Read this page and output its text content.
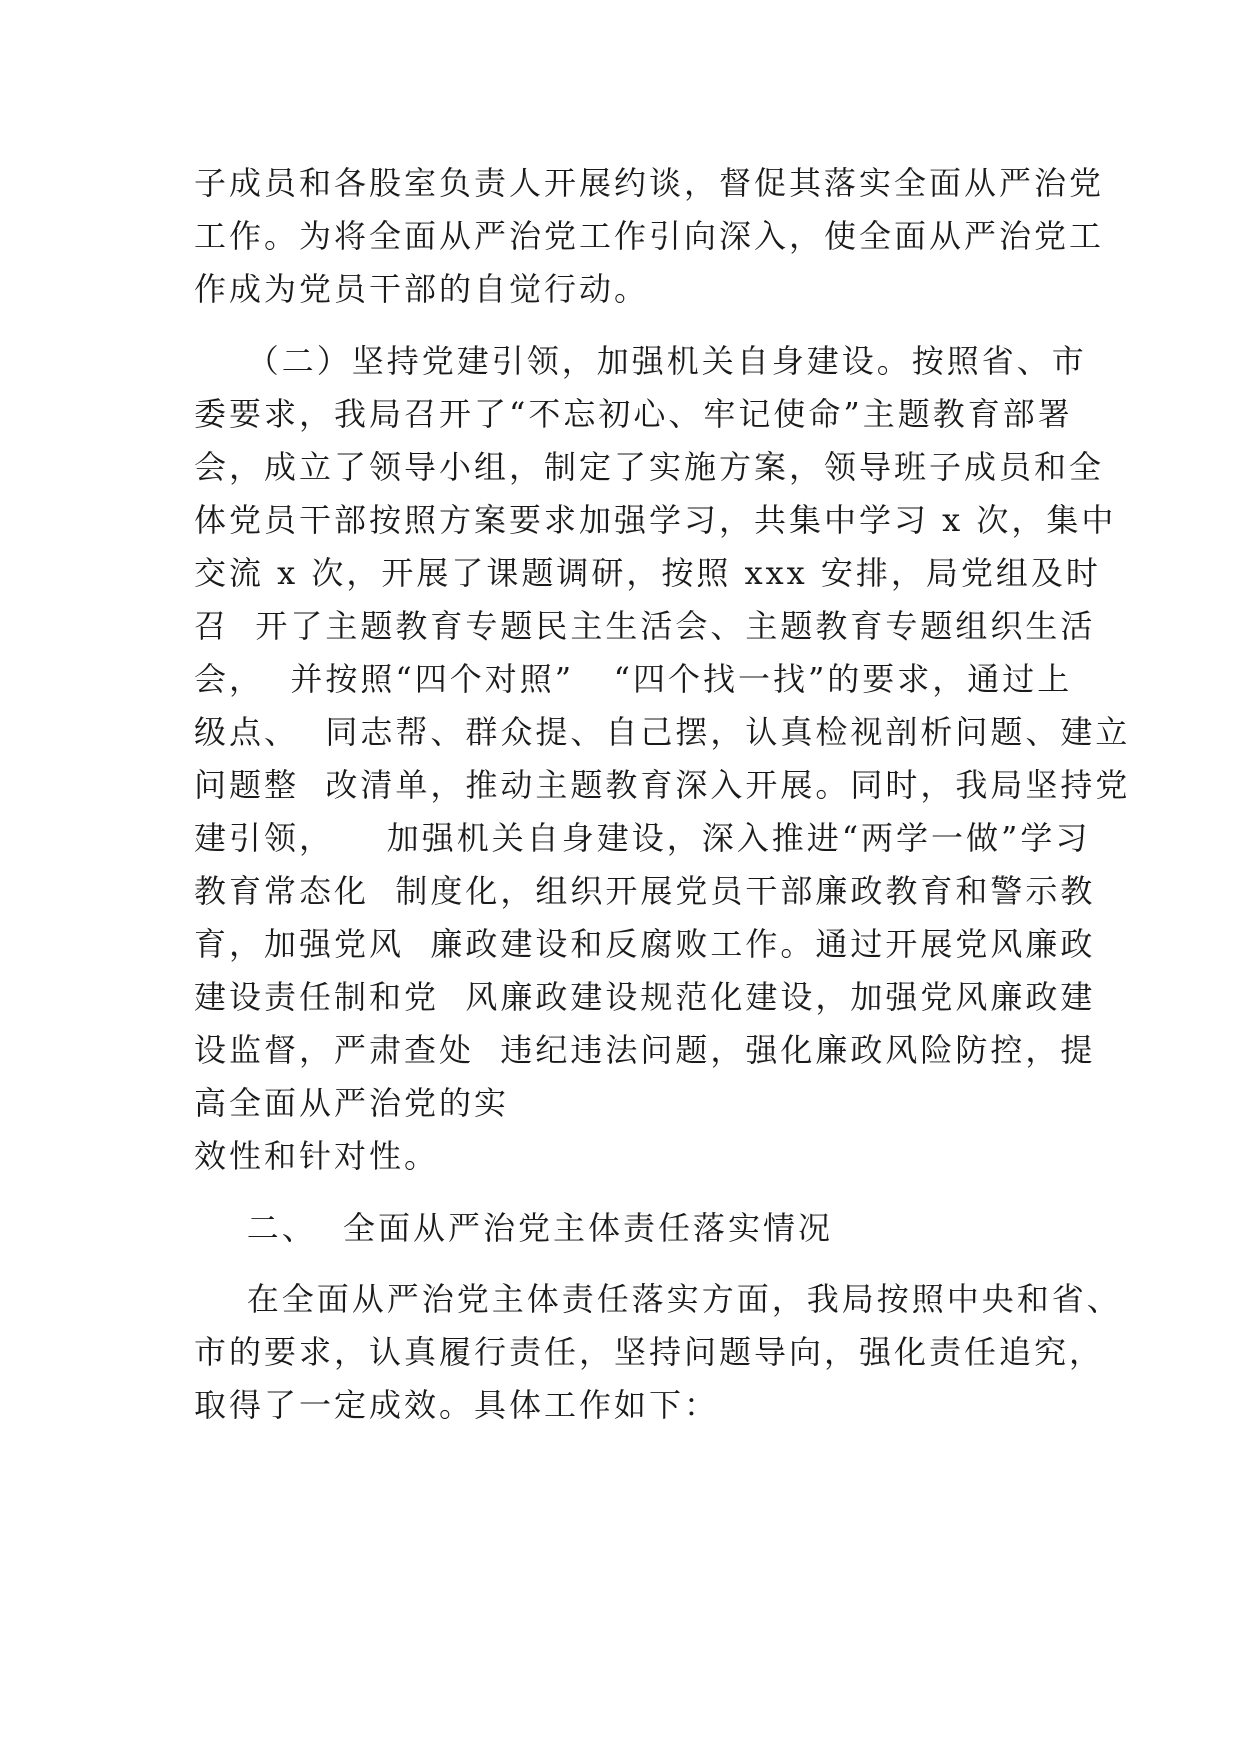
子成员和各股室负责人开展约谈，督促其落实全面从严治党
工作。为将全面从严治党工作引向深入，使全面从严治党工
作成为党员干部的自觉行动。
（二）坚持党建引领，加强机关自身建设。按照省、市
委要求，我局召开了“不忘初心、牢记使命”主题教育部署
会，成立了领导小组，制定了实施方案，领导班子成员和全
体党员干部按照方案要求加强学习，共集中学习 x 次，集中
交流 x 次，开展了课题调研，按照 xxx 安排，局党组及时
召  开了主题教育专题民主生活会、主题教育专题组织生活
会，  并按照“四个对照”   “四个找一找”的要求，通过上
级点、  同志帮、群众提、自己摆，认真检视剖析问题、建立
问题整  改清单，推动主题教育深入开展。同时，我局坚持党
建引领，    加强机关自身建设，深入推进“两学一做”学习
教育常态化  制度化，组织开展党员干部廉政教育和警示教
育，加强党风  廉政建设和反腐败工作。通过开展党风廉政
建设责任制和党  风廉政建设规范化建设，加强党风廉政建
设监督，严肃查处  违纪违法问题，强化廉政风险防控，提
高全面从严治党的实
效性和针对性。
二、  全面从严治党主体责任落实情况
在全面从严治党主体责任落实方面，我局按照中央和省、
市的要求，认真履行责任，坚持问题导向，强化责任追究，
取得了一定成效。具体工作如下：
